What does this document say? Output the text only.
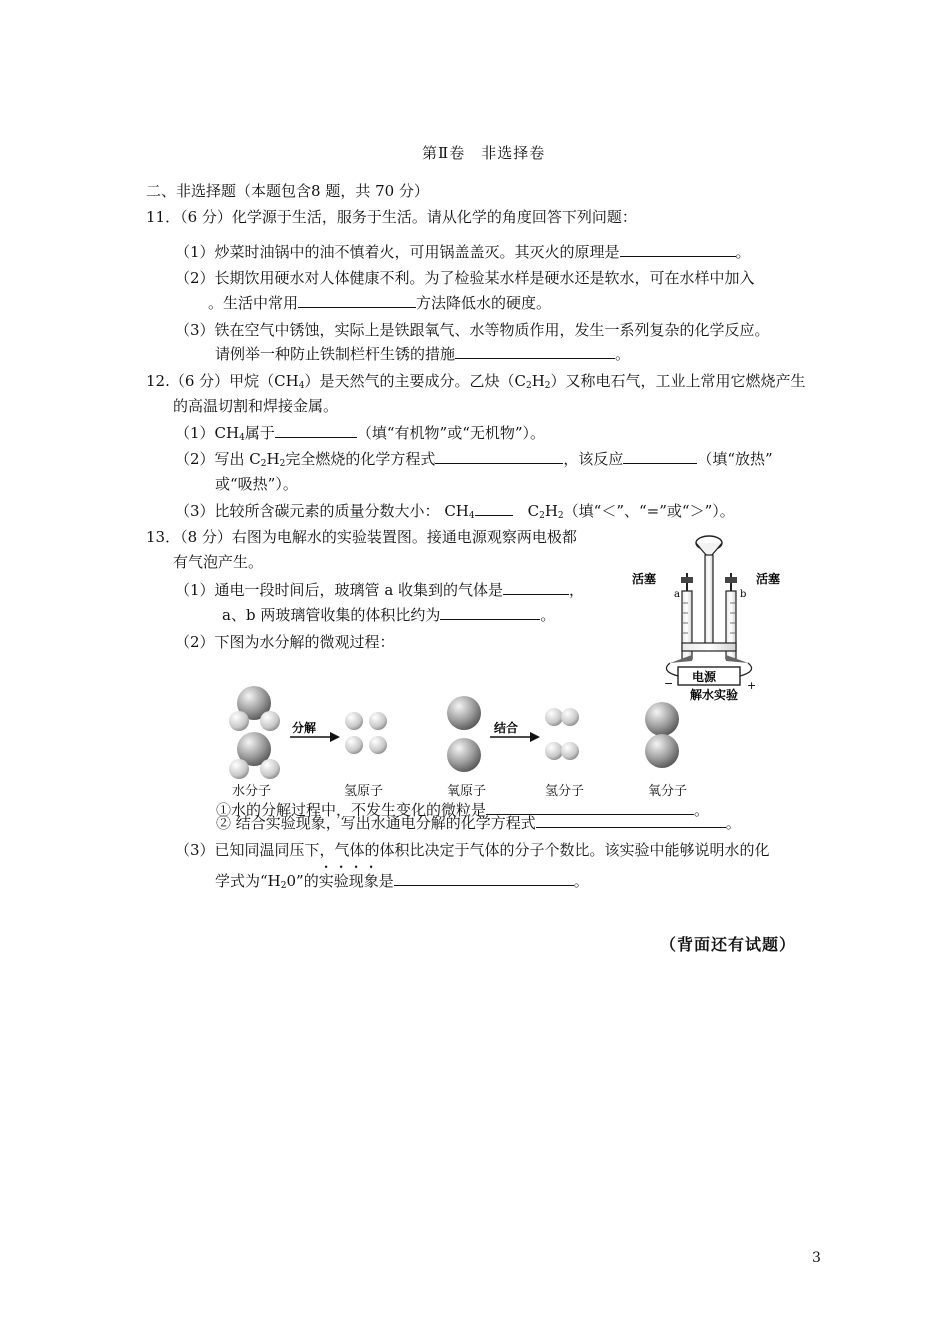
第Ⅱ卷　非选择卷
二、非选择题（本题包含8 题，共 70 分）
11．（6 分）化学源于生活，服务于生活。请从化学的角度回答下列问题：
（1）炒菜时油锅中的油不慎着火，可用锅盖盖灭。其灭火的原理是	。
（2）长期饮用硬水对人体健康不利。为了检验某水样是硬水还是软水，可在水样中加入
。生活中常用	方法降低水的硬度。
（3）铁在空气中锈蚀，实际上是铁跟氧气、水等物质作用，发生一系列复杂的化学反应。
请例举一种防止铁制栏杆生锈的措施	。
12.（6 分）甲烷$(CH_4)$是天然气的主要成分。乙炔$(C_2H_2)$又称电石气，工业上常用它燃烧产生
的高温切割和焊接金属。
$(1)CH_4$属于	（填“有机物”或“无机物”）。
（2）写出 $C_2H_2$完全燃烧的化学方程式	，该反应	（填“放热”
或“吸热”）。
（3）比较所含碳元素的质量分数大小： $CH_4$	　$C_2H_2$（填“＜”、“=”或“＞”）。
13．（8 分）右图为电解水的实验装置图。接通电源观察两电极都
有气泡产生。
（1）通电一段时间后，玻璃管 a 收集到的气体是	，
a、b 两玻璃管收集的体积比约为	。
（2）下图为水分解的微观过程：
活塞	活塞
a	b
电源
解水实验
−	+
分解	结合
水分子	氢原子	氧原子	氢分子	氧分子
①水的分解过程中，不发生变化的微粒是	。
② 结合实验现象，写出水通电分解的化学方程式	。
（3）已知同温同压下，气体的体积比决定于气体的分子个数比。该实验中能够说明水的化
学式为“$H_20$”的实验现象是	。
（背面还有试题）
3
